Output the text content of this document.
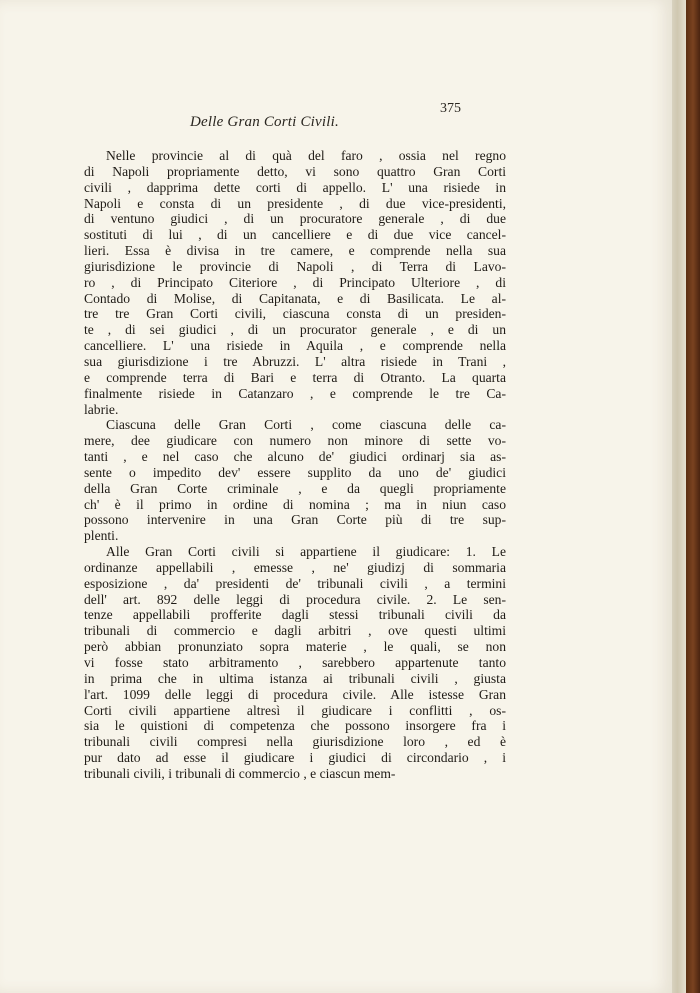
Delle Gran Corti Civili.
375
Nelle provincie al di quà del faro , ossia nel regno
di Napoli propriamente detto, vi sono quattro Gran Corti
civili , dapprima dette corti di appello. L' una risiede in
Napoli e consta di un presidente , di due vice-presidenti,
di ventuno giudici , di un procuratore generale , di due
sostituti di lui , di un cancelliere e di due vice cancel-
lieri. Essa è divisa in tre camere, e comprende nella sua
giurisdizione le provincie di Napoli , di Terra di Lavo-
ro , di Principato Citeriore , di Principato Ulteriore , di
Contado di Molise, di Capitanata, e di Basilicata. Le al-
tre tre Gran Corti civili, ciascuna consta di un presiden-
te , di sei giudici , di un procurator generale , e di un
cancelliere. L' una risiede in Aquila , e comprende nella
sua giurisdizione i tre Abruzzi. L' altra risiede in Trani ,
e comprende terra di Bari e terra di Otranto. La quarta
finalmente risiede in Catanzaro , e comprende le tre Ca-
labrie.
Ciascuna delle Gran Corti , come ciascuna delle ca-
mere, dee giudicare con numero non minore di sette vo-
tanti , e nel caso che alcuno de' giudici ordinarj sia as-
sente o impedito dev' essere supplito da uno de' giudici
della Gran Corte criminale , e da quegli propriamente
ch' è il primo in ordine di nomina ; ma in niun caso
possono intervenire in una Gran Corte più di tre sup-
plenti.
Alle Gran Corti civili si appartiene il giudicare: 1. Le
ordinanze appellabili , emesse , ne' giudizj di sommaria
esposizione , da' presidenti de' tribunali civili , a termini
dell' art. 892 delle leggi di procedura civile. 2. Le sen-
tenze appellabili profferite dagli stessi tribunali civili da
tribunali di commercio e dagli arbitri , ove questi ultimi
però abbian pronunziato sopra materie , le quali, se non
vi fosse stato arbitramento , sarebbero appartenute tanto
in prima che in ultima istanza ai tribunali civili , giusta
l'art. 1099 delle leggi di procedura civile. Alle istesse Gran
Corti civili appartiene altresì il giudicare i conflitti , os-
sia le quistioni di competenza che possono insorgere fra i
tribunali civili compresi nella giurisdizione loro , ed è
pur dato ad esse il giudicare i giudici di circondario , i
tribunali civili, i tribunali di commercio , e ciascun mem-
